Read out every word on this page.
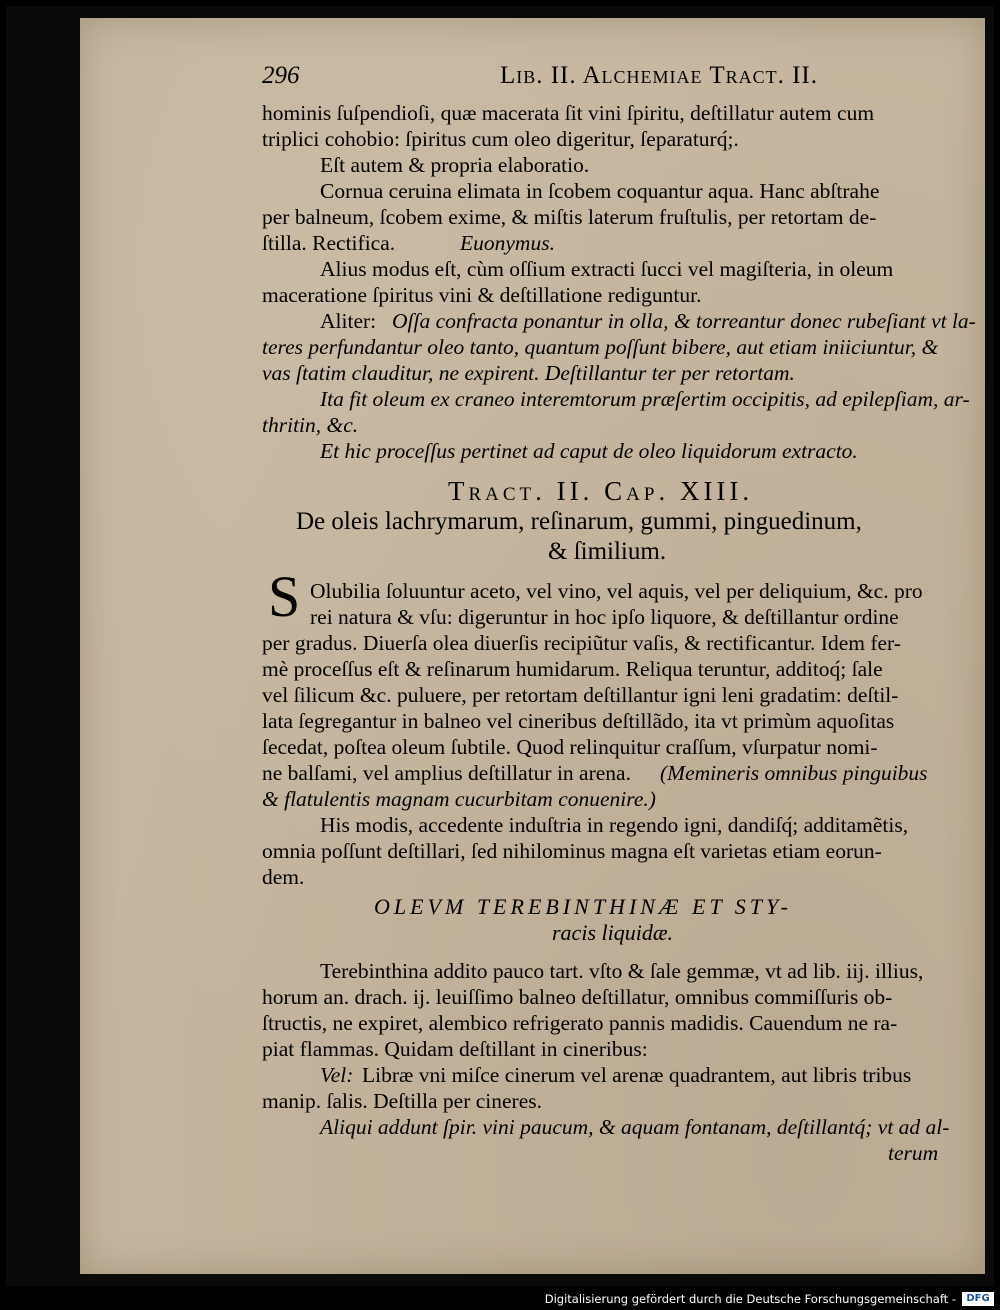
296	Lib. II. Alchemiae Tract. II.
hominis ſuſpendioſi, quæ macerata ſit vini ſpiritu, deſtillatur autem cum
triplici cohobio: ſpiritus cum oleo digeritur, ſeparaturq́;.
Eſt autem & propria elaboratio.
Cornua ceruina elimata in ſcobem coquantur aqua. Hanc abſtrahe
per balneum, ſcobem exime, & miſtis laterum fruſtulis, per retortam de-
ſtilla. Rectifica.	Euonymus.
Alius modus eſt, cùm oſſium extracti ſucci vel magiſteria, in oleum
maceratione ſpiritus vini & deſtillatione rediguntur.
Aliter: Oſſa confracta ponantur in olla, & torreantur donec rubeſiant vt la-
teres perfundantur oleo tanto, quantum poſſunt bibere, aut etiam iniiciuntur, &
vas ſtatim clauditur, ne expirent. Deſtillantur ter per retortam.
Ita fit oleum ex craneo interemtorum præſertim occipitis, ad epilepſiam, ar-
thritin, &c.
Et hic proceſſus pertinet ad caput de oleo liquidorum extracto.
Tract. II. Cap. XIII.
De oleis lachrymarum, reſinarum, gummi, pinguedinum,
& ſimilium.
S Olubilia ſoluuntur aceto, vel vino, vel aquis, vel per deliquium, &c. pro
rei natura & vſu: digeruntur in hoc ipſo liquore, & deſtillantur ordine
per gradus. Diuerſa olea diuerſis recipiũtur vaſis, & rectificantur. Idem fer-
mè proceſſus eſt & reſinarum humidarum. Reliqua teruntur, additoq́; ſale
vel ſilicum &c. puluere, per retortam deſtillantur igni leni gradatim: deſtil-
lata ſegregantur in balneo vel cineribus deſtillãdo, ita vt primùm aquoſitas
ſecedat, poſtea oleum ſubtile. Quod relinquitur craſſum, vſurpatur nomi-
ne balſami, vel amplius deſtillatur in arena. (Memineris omnibus pinguibus
& flatulentis magnam cucurbitam conuenire.)
His modis, accedente induſtria in regendo igni, dandiſq́; additamẽtis,
omnia poſſunt deſtillari, ſed nihilominus magna eſt varietas etiam eorun-
dem.
OLEVM TEREBINTHINÆ ET STY-
racis liquidæ.
Terebinthina addito pauco tart. vſto & ſale gemmæ, vt ad lib. iij. illius,
horum an. drach. ij. leuiſſimo balneo deſtillatur, omnibus commiſſuris ob-
ſtructis, ne expiret, alembico refrigerato pannis madidis. Cauendum ne ra-
piat flammas. Quidam deſtillant in cineribus:
Vel: Libræ vni miſce cinerum vel arenæ quadrantem, aut libris tribus
manip. ſalis. Deſtilla per cineres.
Aliqui addunt ſpir. vini paucum, & aquam fontanam, deſtillantq́; vt ad al-
terum
Digitalisierung gefördert durch die Deutsche Forschungsgemeinschaft -	DFG
